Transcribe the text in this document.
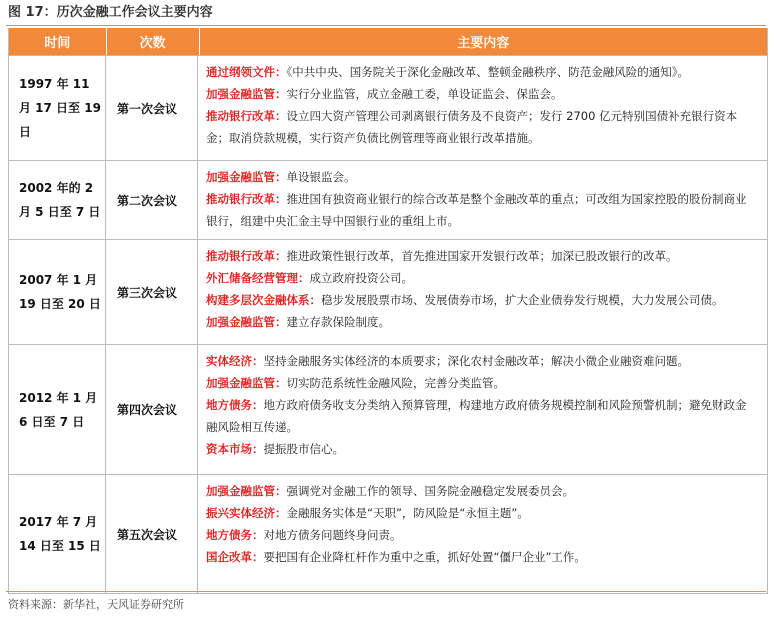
图 17：历次金融工作会议主要内容
时间	次数	主要内容
1997 年 11 月 17 日至 19 日
第一次会议
通过纲领文件：《中共中央、国务院关于深化金融改革、整顿金融秩序、防范金融风险的通知》。
加强金融监管：实行分业监管，成立金融工委，单设证监会、保监会。
推动银行改革：设立四大资产管理公司剥离银行债务及不良资产；发行 2700 亿元特别国债补充银行资本金；取消贷款规模，实行资产负债比例管理等商业银行改革措施。
2002 年的 2 月 5 日至 7 日
第二次会议
加强金融监管：单设银监会。
推动银行改革：推进国有独资商业银行的综合改革是整个金融改革的重点；可改组为国家控股的股份制商业银行，组建中央汇金主导中国银行业的重组上市。
2007 年 1 月 19 日至 20 日
第三次会议
推动银行改革：推进政策性银行改革，首先推进国家开发银行改革；加深已股改银行的改革。
外汇储备经营管理：成立政府投资公司。
构建多层次金融体系：稳步发展股票市场、发展债券市场，扩大企业债券发行规模，大力发展公司债。
加强金融监管：建立存款保险制度。
2012 年 1 月 6 日至 7 日
第四次会议
实体经济：坚持金融服务实体经济的本质要求；深化农村金融改革；解决小微企业融资难问题。
加强金融监管：切实防范系统性金融风险，完善分类监管。
地方债务：地方政府债务收支分类纳入预算管理，构建地方政府债务规模控制和风险预警机制；避免财政金融风险相互传递。
资本市场：提振股市信心。
2017 年 7 月 14 日至 15 日
第五次会议
加强金融监管：强调党对金融工作的领导、国务院金融稳定发展委员会。
振兴实体经济：金融服务实体是“天职”，防风险是“永恒主题”。
地方债务：对地方债务问题终身问责。
国企改革：要把国有企业降杠杆作为重中之重，抓好处置“僵尸企业”工作。
资料来源：新华社，天风证券研究所
